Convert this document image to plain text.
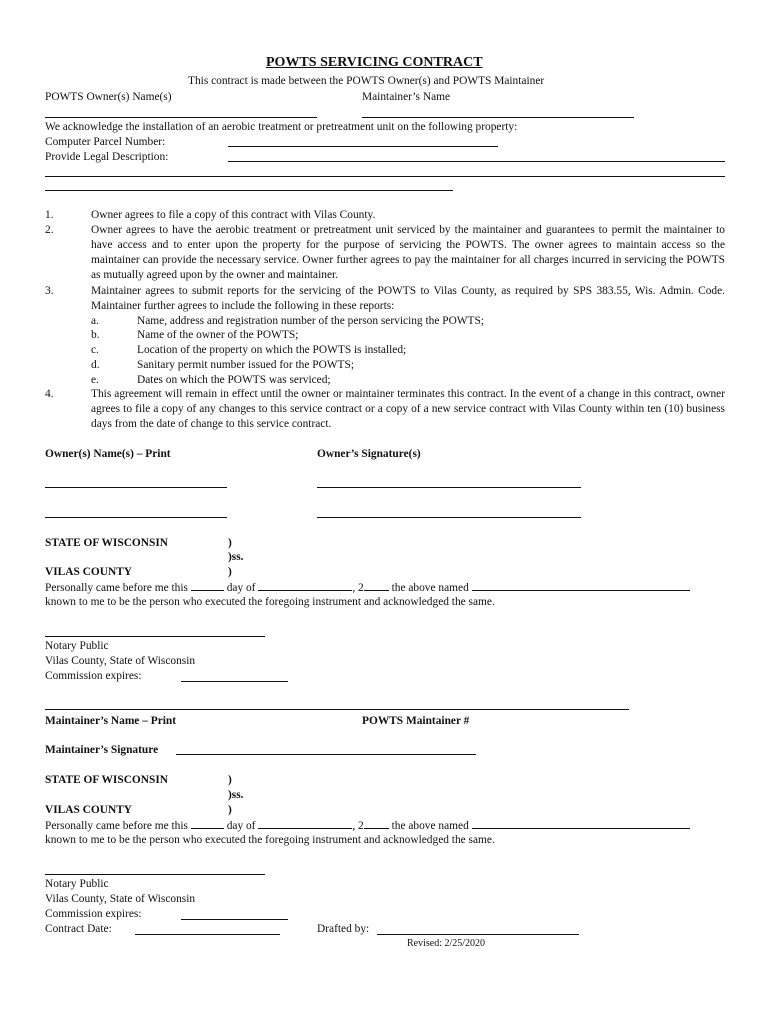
POWTS SERVICING CONTRACT
This contract is made between the POWTS Owner(s) and POWTS Maintainer
POWTS Owner(s) Name(s)	Maintainer’s Name
We acknowledge the installation of an aerobic treatment or pretreatment unit on the following property:
Computer Parcel Number:
Provide Legal Description:
1.	Owner agrees to file a copy of this contract with Vilas County.
2.	Owner agrees to have the aerobic treatment or pretreatment unit serviced by the maintainer and guarantees to permit the maintainer to have access and to enter upon the property for the purpose of servicing the POWTS. The owner agrees to maintain access so the maintainer can provide the necessary service. Owner further agrees to pay the maintainer for all charges incurred in servicing the POWTS as mutually agreed upon by the owner and maintainer.
3.	Maintainer agrees to submit reports for the servicing of the POWTS to Vilas County, as required by SPS 383.55, Wis. Admin. Code. Maintainer further agrees to include the following in these reports:
a.	Name, address and registration number of the person servicing the POWTS;
b.	Name of the owner of the POWTS;
c.	Location of the property on which the POWTS is installed;
d.	Sanitary permit number issued for the POWTS;
e.	Dates on which the POWTS was serviced;
4.	This agreement will remain in effect until the owner or maintainer terminates this contract. In the event of a change in this contract, owner agrees to file a copy of any changes to this service contract or a copy of a new service contract with Vilas County within ten (10) business days from the date of change to this service contract.
Owner(s) Name(s) – Print	Owner’s Signature(s)
STATE OF WISCONSIN	)
)ss.
VILAS COUNTY	)
Personally came before me this	day of	, 2 the above named
known to me to be the person who executed the foregoing instrument and acknowledged the same.
Notary Public
Vilas County, State of Wisconsin
Commission expires:
Maintainer’s Name – Print	POWTS Maintainer #
Maintainer’s Signature
STATE OF WISCONSIN	)
)ss.
VILAS COUNTY	)
Personally came before me this	day of	, 2 the above named
known to me to be the person who executed the foregoing instrument and acknowledged the same.
Notary Public
Vilas County, State of Wisconsin
Commission expires:
Contract Date:	Drafted by:
Revised: 2/25/2020
